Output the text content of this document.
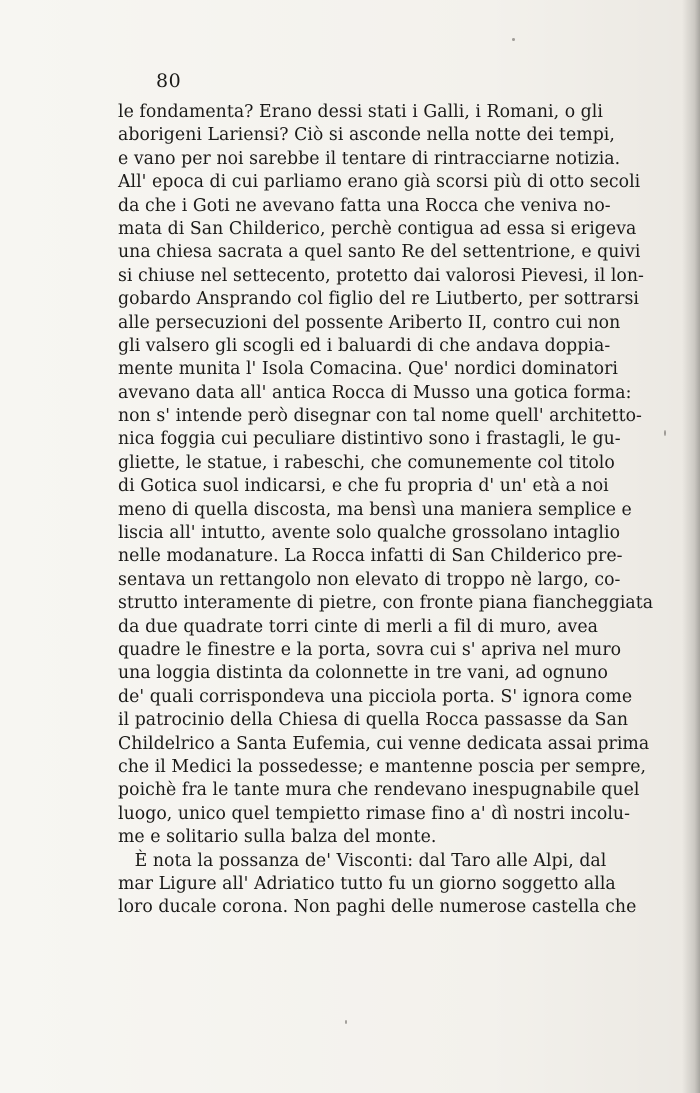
80
le fondamenta? Erano dessi stati i Galli, i Romani, o gli
aborigeni Lariensi? Ciò si asconde nella notte dei tempi,
e vano per noi sarebbe il tentare di rintracciarne notizia.
All' epoca di cui parliamo erano già scorsi più di otto secoli
da che i Goti ne avevano fatta una Rocca che veniva no-
mata di San Childerico, perchè contigua ad essa si erigeva
una chiesa sacrata a quel santo Re del settentrione, e quivi
si chiuse nel settecento, protetto dai valorosi Pievesi, il lon-
gobardo Ansprando col figlio del re Liutberto, per sottrarsi
alle persecuzioni del possente Ariberto II, contro cui non
gli valsero gli scogli ed i baluardi di che andava doppia-
mente munita l' Isola Comacina. Que' nordici dominatori
avevano data all' antica Rocca di Musso una gotica forma:
non s' intende però disegnar con tal nome quell' architetto-
nica foggia cui peculiare distintivo sono i frastagli, le gu-
gliette, le statue, i rabeschi, che comunemente col titolo
di Gotica suol indicarsi, e che fu propria d' un' età a noi
meno di quella discosta, ma bensì una maniera semplice e
liscia all' intutto, avente solo qualche grossolano intaglio
nelle modanature. La Rocca infatti di San Childerico pre-
sentava un rettangolo non elevato di troppo nè largo, co-
strutto interamente di pietre, con fronte piana fiancheggiata
da due quadrate torri cinte di merli a fil di muro, avea
quadre le finestre e la porta, sovra cui s' apriva nel muro
una loggia distinta da colonnette in tre vani, ad ognuno
de' quali corrispondeva una picciola porta. S' ignora come
il patrocinio della Chiesa di quella Rocca passasse da San
Childelrico a Santa Eufemia, cui venne dedicata assai prima
che il Medici la possedesse; e mantenne poscia per sempre,
poichè fra le tante mura che rendevano inespugnabile quel
luogo, unico quel tempietto rimase fino a' dì nostri incolu-
me e solitario sulla balza del monte.
È nota la possanza de' Visconti: dal Taro alle Alpi, dal
mar Ligure all' Adriatico tutto fu un giorno soggetto alla
loro ducale corona. Non paghi delle numerose castella che
